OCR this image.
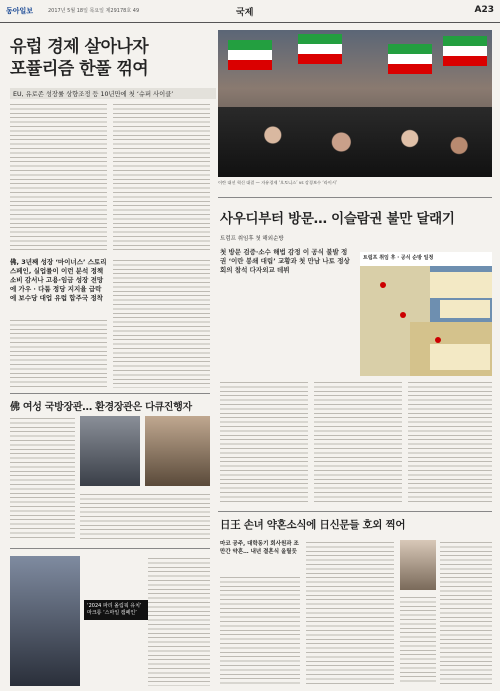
동아일보	2017년 5월 18일 목요일 제29178호 49	국제	A23
유럽 경제 살아나자
포퓰리즘 한풀 꺾여
EU, 유로존 성장률 상향조정 등 10년만에 첫 ‘슈퍼 사이클’
佛, 3년째 성장 ‘마이너스’ 스토리 스페인, 실업률이 이런 분석 정책 소비 감서나 고용·임금 성장 전망에 가우 · 다툼 정당 지지율 급락에 보수당 대업 유럽 합주국 정착
이란 대선 혁신 대결 — 자유경제 ‘오토니스’ vs 강경보수 ‘라이시’
사우디부터 방문… 이슬람권 불만 달래기
트럼프 취임후 첫 해외순방
첫 방문 검증·소수 해법 감정 이 공식 불발 정권 ‘이란 봉쇄 대립’ 교황과 첫 만남 나토 정상회의 참석 다자외교 데뷔
트럼프 취임 후 · 공식 순방 일정
佛 여성 국방장관… 환경장관은 다큐진행자
‘2024 파리 올림픽 유치’ 마크롱 ‘스마일 캠페인’
日王 손녀 약혼소식에 日신문들 호외 찍어
마코 공주, 대학동기 회사원과 조만간 약혼… 내년 결혼식 올릴듯
